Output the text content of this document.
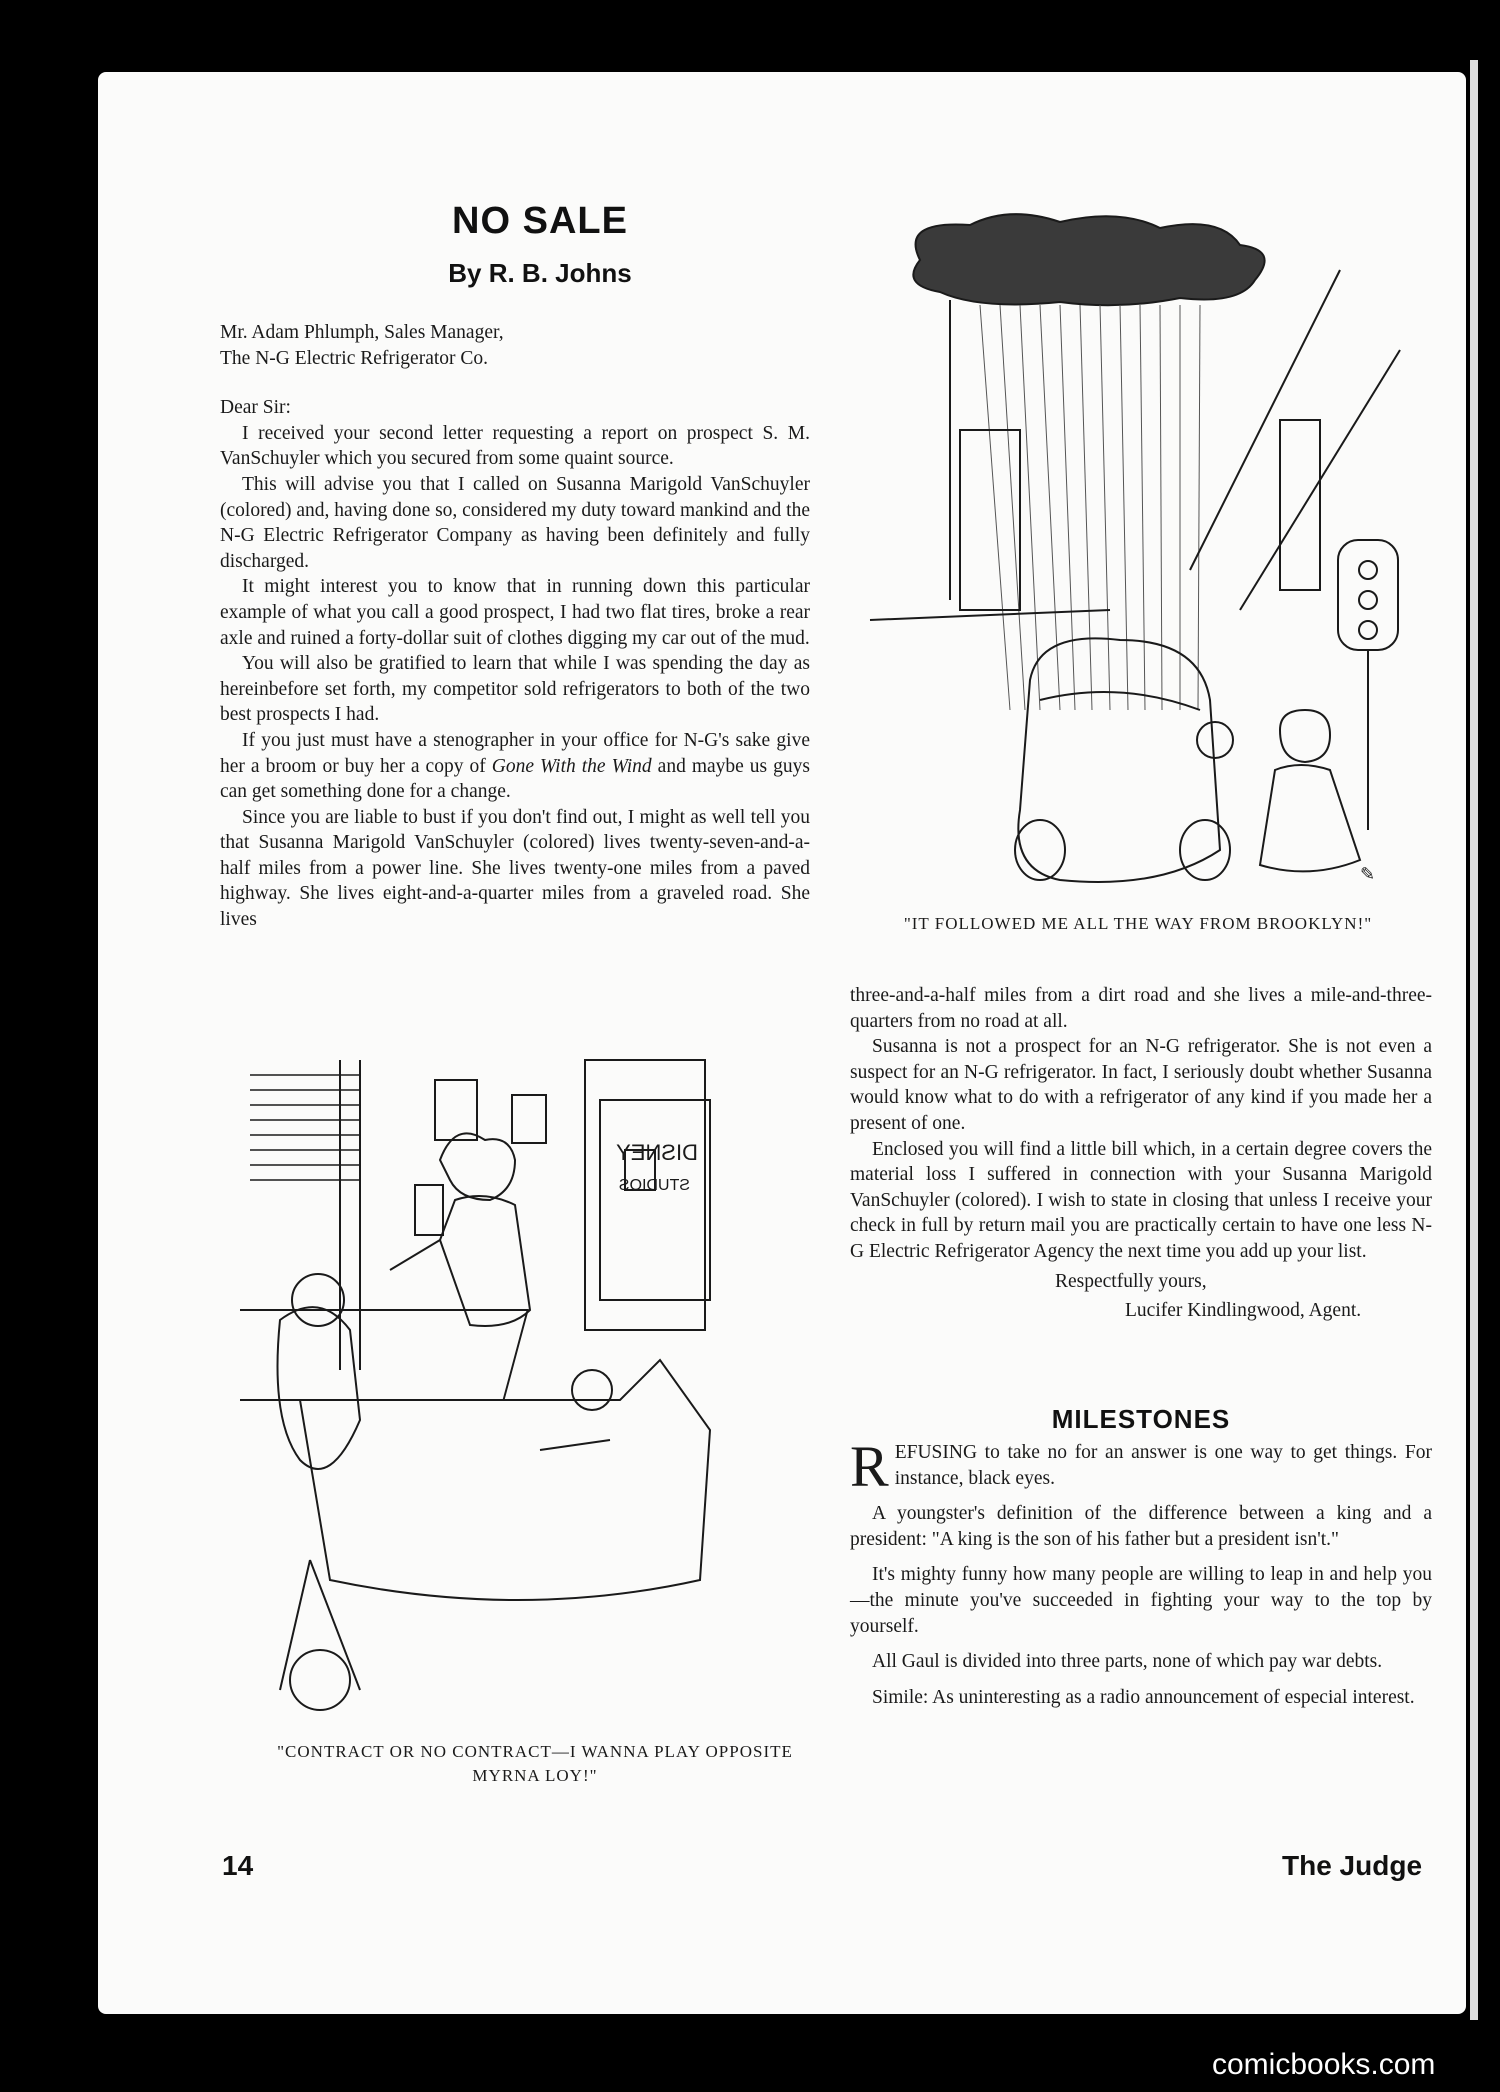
NO SALE
By R. B. Johns

Mr. Adam Phlumph, Sales Manager,

The N-G Electric Refrigerator Co.

Dear Sir:

I received your second letter requesting a report on prospect S. M. VanSchuyler which you secured from some quaint source.

This will advise you that I called on Susanna Marigold VanSchuyler (colored) and, having done so, considered my duty toward mankind and the N-G Electric Refrigerator Company as having been definitely and fully discharged.

It might interest you to know that in running down this particular example of what you call a good prospect, I had two flat tires, broke a rear axle and ruined a forty-dollar suit of clothes digging my car out of the mud.

You will also be gratified to learn that while I was spending the day as hereinbefore set forth, my competitor sold refrigerators to both of the two best prospects I had.

If you just must have a stenographer in your office for N-G's sake give her a broom or buy her a copy of Gone With the Wind and maybe us guys can get something done for a change.

Since you are liable to bust if you don't find out, I might as well tell you that Susanna Marigold VanSchuyler (colored) lives twenty-seven-and-a-half miles from a power line. She lives twenty-one miles from a paved highway. She lives eight-and-a-quarter miles from a graveled road. She lives

✎

"IT FOLLOWED ME ALL THE WAY FROM BROOKLYN!"

three-and-a-half miles from a dirt road and she lives a mile-and-three-quarters from no road at all.

Susanna is not a prospect for an N-G refrigerator. She is not even a suspect for an N-G refrigerator. In fact, I seriously doubt whether Susanna would know what to do with a refrigerator of any kind if you made her a present of one.

Enclosed you will find a little bill which, in a certain degree covers the material loss I suffered in connection with your Susanna Marigold VanSchuyler (colored). I wish to state in closing that unless I receive your check in full by return mail you are practically certain to have one less N-G Electric Refrigerator Agency the next time you add up your list.

Respectfully yours,

Lucifer Kindlingwood, Agent.

MILESTONES

REFUSING to take no for an answer is one way to get things. For instance, black eyes.

A youngster's definition of the difference between a king and a president: "A king is the son of his father but a president isn't."

It's mighty funny how many people are willing to leap in and help you—the minute you've succeeded in fighting your way to the top by yourself.

All Gaul is divided into three parts, none of which pay war debts.

Simile: As uninteresting as a radio announcement of especial interest.

DISNEY
STUDIOS

"CONTRACT OR NO CONTRACT—I WANNA PLAY OPPOSITE
MYRNA LOY!"

14	The Judge

comicbooks.com
